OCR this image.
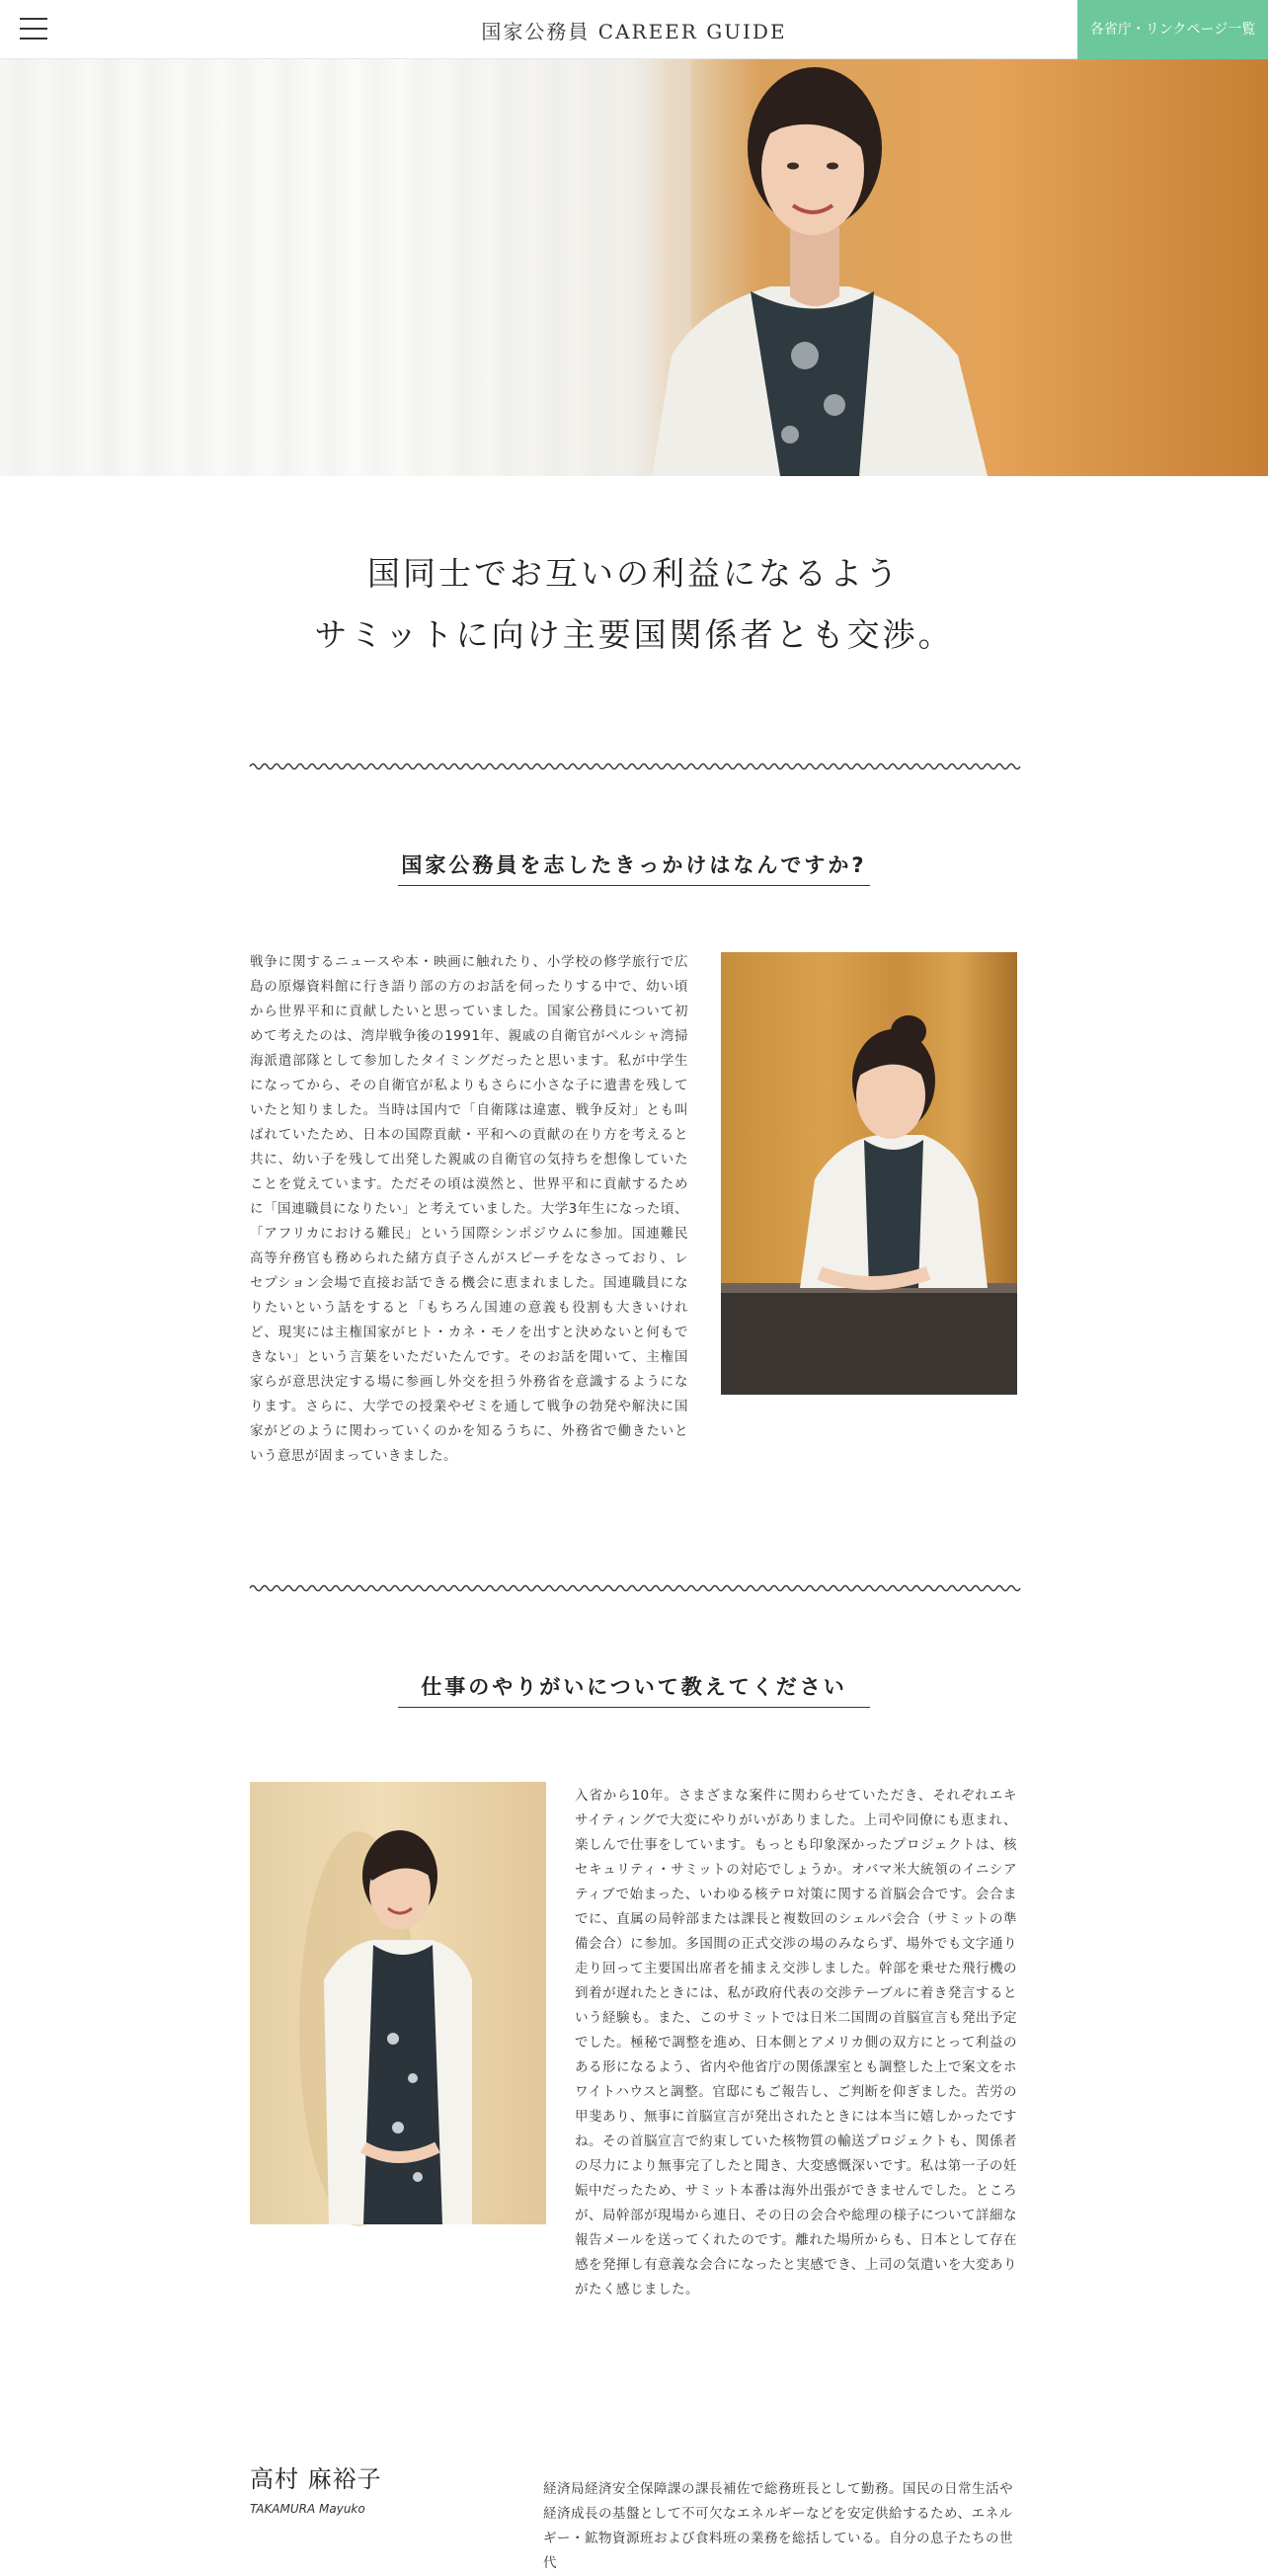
国家公務員 CAREER GUIDE	各省庁・リンクページ一覧
国同士でお互いの利益になるよう
サミットに向け主要国関係者とも交渉。
国家公務員を志したきっかけはなんですか?
戦争に関するニュースや本・映画に触れたり、小学校の修学旅行で広島の原爆資料館に行き語り部の方のお話を伺ったりする中で、幼い頃から世界平和に貢献したいと思っていました。国家公務員について初めて考えたのは、湾岸戦争後の1991年、親戚の自衛官がペルシャ湾掃海派遣部隊として参加したタイミングだったと思います。私が中学生になってから、その自衛官が私よりもさらに小さな子に遺書を残していたと知りました。当時は国内で「自衛隊は違憲、戦争反対」とも叫ばれていたため、日本の国際貢献・平和への貢献の在り方を考えると共に、幼い子を残して出発した親戚の自衛官の気持ちを想像していたことを覚えています。ただその頃は漠然と、世界平和に貢献するために「国連職員になりたい」と考えていました。大学3年生になった頃、「アフリカにおける難民」という国際シンポジウムに参加。国連難民高等弁務官も務められた緒方貞子さんがスピーチをなさっており、レセプション会場で直接お話できる機会に恵まれました。国連職員になりたいという話をすると「もちろん国連の意義も役割も大きいけれど、現実には主権国家がヒト・カネ・モノを出すと決めないと何もできない」という言葉をいただいたんです。そのお話を聞いて、主権国家らが意思決定する場に参画し外交を担う外務省を意識するようになります。さらに、大学での授業やゼミを通して戦争の勃発や解決に国家がどのように関わっていくのかを知るうちに、外務省で働きたいという意思が固まっていきました。
仕事のやりがいについて教えてください
入省から10年。さまざまな案件に関わらせていただき、それぞれエキサイティングで大変にやりがいがありました。上司や同僚にも恵まれ、楽しんで仕事をしています。もっとも印象深かったプロジェクトは、核セキュリティ・サミットの対応でしょうか。オバマ米大統領のイニシアティブで始まった、いわゆる核テロ対策に関する首脳会合です。会合までに、直属の局幹部または課長と複数回のシェルパ会合（サミットの準備会合）に参加。多国間の正式交渉の場のみならず、場外でも文字通り走り回って主要国出席者を捕まえ交渉しました。幹部を乗せた飛行機の到着が遅れたときには、私が政府代表の交渉テーブルに着き発言するという経験も。また、このサミットでは日米二国間の首脳宣言も発出予定でした。極秘で調整を進め、日本側とアメリカ側の双方にとって利益のある形になるよう、省内や他省庁の関係課室とも調整した上で案文をホワイトハウスと調整。官邸にもご報告し、ご判断を仰ぎました。苦労の甲斐あり、無事に首脳宣言が発出されたときには本当に嬉しかったですね。その首脳宣言で約束していた核物質の輸送プロジェクトも、関係者の尽力により無事完了したと聞き、大変感慨深いです。私は第一子の妊娠中だったため、サミット本番は海外出張ができませんでした。ところが、局幹部が現場から連日、その日の会合や総理の様子について詳細な報告メールを送ってくれたのです。離れた場所からも、日本として存在感を発揮し有意義な会合になったと実感でき、上司の気遣いを大変ありがたく感じました。
高村 麻裕子
TAKAMURA Mayuko
経済局経済安全保障課の課長補佐で総務班長として勤務。国民の日常生活や経済成長の基盤として不可欠なエネルギーなどを安定供給するため、エネルギー・鉱物資源班および食料班の業務を総括している。自分の息子たちの世代
